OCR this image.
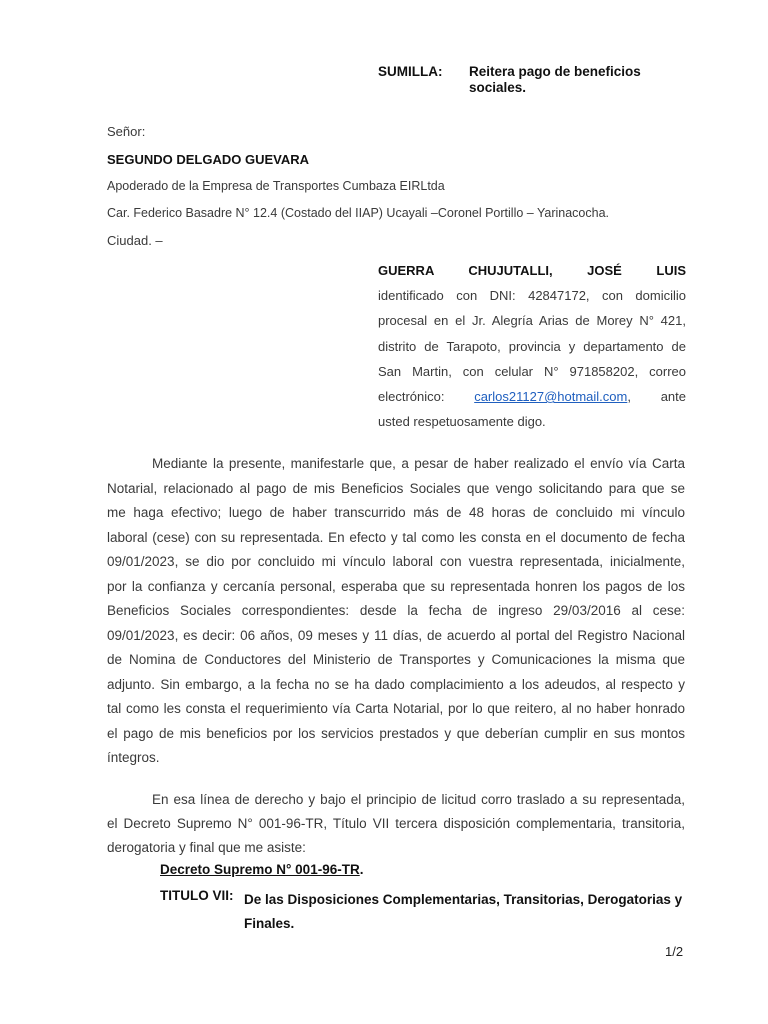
SUMILLA: Reitera pago de beneficios sociales.
Señor:
SEGUNDO DELGADO GUEVARA
Apoderado de la Empresa de Transportes Cumbaza EIRLtda
Car. Federico Basadre N° 12.4 (Costado del IIAP) Ucayali –Coronel Portillo – Yarinacocha.
Ciudad. –
GUERRA CHUJUTALLI, JOSÉ LUIS
identificado con DNI: 42847172, con domicilio
procesal en el Jr. Alegría Arias de Morey N° 421,
distrito de Tarapoto, provincia y departamento de
San Martin, con celular N° 971858202, correo
electrónico: carlos21127@hotmail.com, ante
usted respetuosamente digo.
Mediante la presente, manifestarle que, a pesar de haber realizado el envío vía Carta
Notarial, relacionado al pago de mis Beneficios Sociales que vengo solicitando para que se
me haga efectivo; luego de haber transcurrido más de 48 horas de concluido mi vínculo
laboral (cese) con su representada. En efecto y tal como les consta en el documento de fecha
09/01/2023, se dio por concluido mi vínculo laboral con vuestra representada, inicialmente,
por la confianza y cercanía personal, esperaba que su representada honren los pagos de los
Beneficios Sociales correspondientes: desde la fecha de ingreso 29/03/2016 al cese:
09/01/2023, es decir: 06 años, 09 meses y 11 días, de acuerdo al portal del Registro Nacional
de Nomina de Conductores del Ministerio de Transportes y Comunicaciones la misma que
adjunto. Sin embargo, a la fecha no se ha dado complacimiento a los adeudos, al respecto y
tal como les consta el requerimiento vía Carta Notarial, por lo que reitero, al no haber honrado
el pago de mis beneficios por los servicios prestados y que deberían cumplir en sus montos
íntegros.
En esa línea de derecho y bajo el principio de licitud corro traslado a su representada,
el Decreto Supremo N° 001-96-TR, Título VII tercera disposición complementaria, transitoria,
derogatoria y final que me asiste:
Decreto Supremo N° 001-96-TR.
TITULO VII: De las Disposiciones Complementarias, Transitorias, Derogatorias y Finales.
1/2
